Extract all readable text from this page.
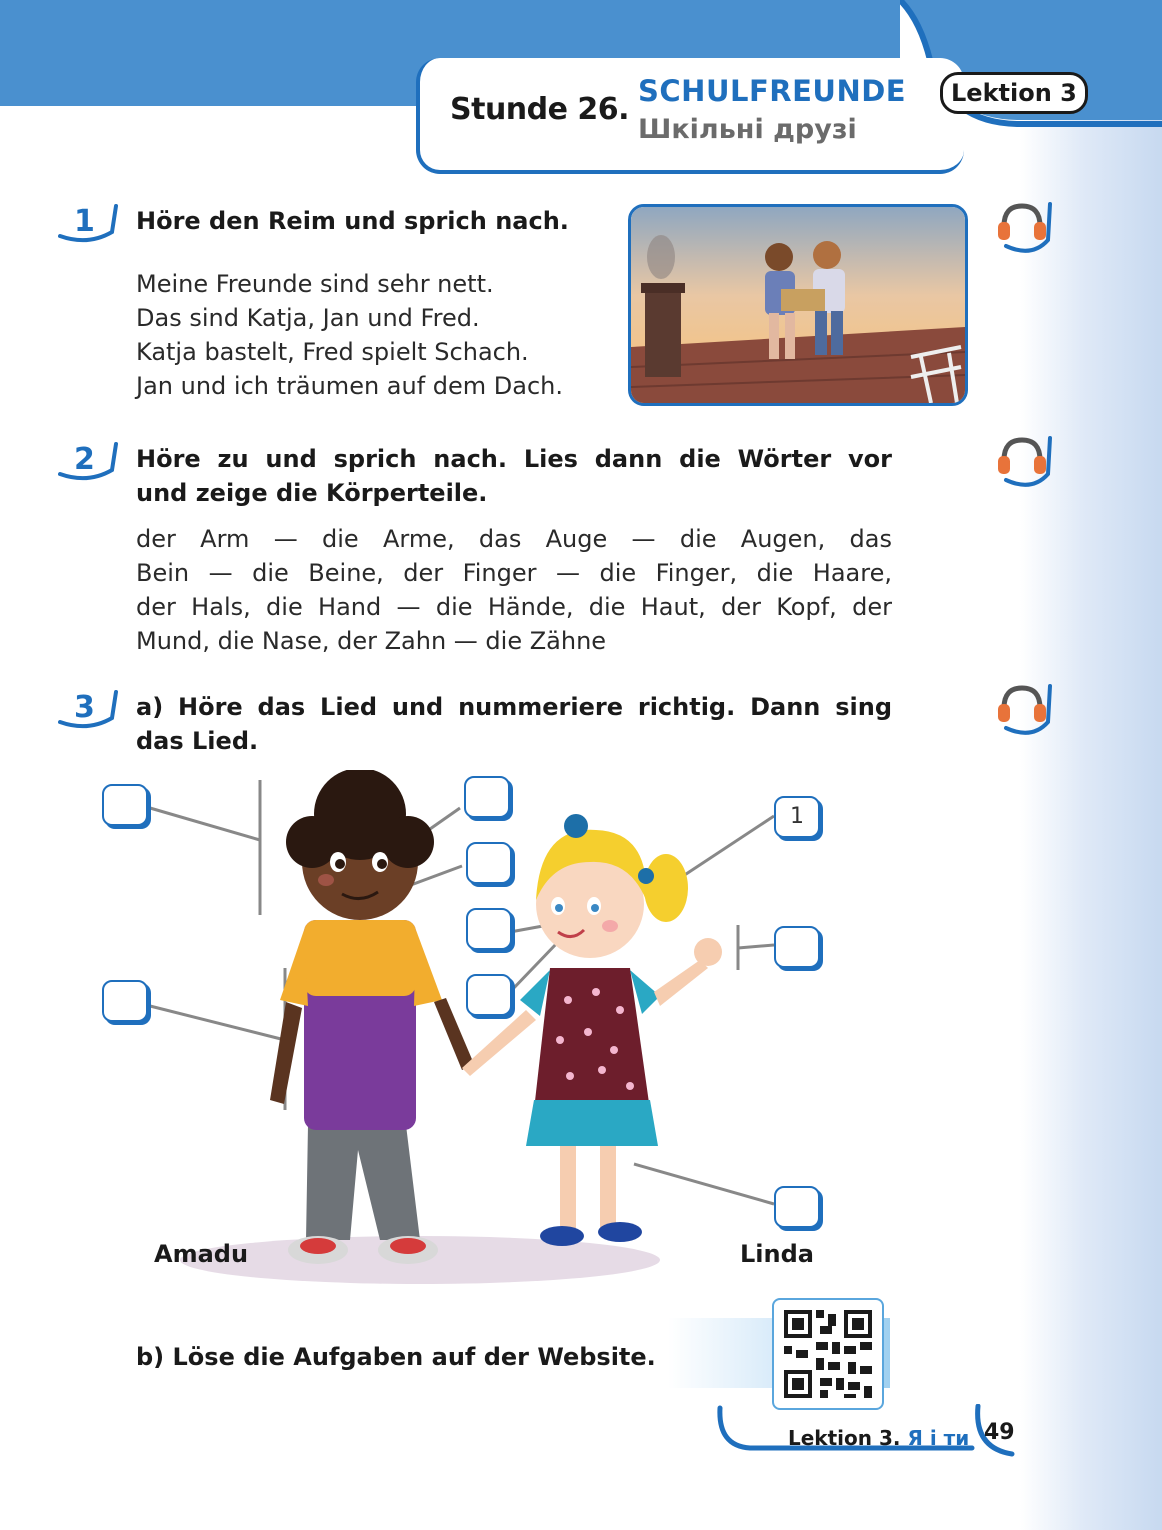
Stunde 26.
SCHULFREUNDE
Шкільні друзі
Lektion 3
1 Höre den Reim und sprich nach.
Meine Freunde sind sehr nett.
Das sind Katja, Jan und Fred.
Katja bastelt, Fred spielt Schach.
Jan und ich träumen auf dem Dach.
2 Höre zu und sprich nach. Lies dann die Wörter vor
und zeige die Körperteile.
der Arm — die Arme, das Auge — die Augen, das
Bein — die Beine, der Finger — die Finger, die Haare,
der Hals, die Hand — die Hände, die Haut, der Kopf, der
Mund, die Nase, der Zahn — die Zähne
3 a) Höre das Lied und nummeriere richtig. Dann sing
das Lied.
1
Amadu	Linda
b) Löse die Aufgaben auf der Website.
Lektion 3. Я і ти 49
